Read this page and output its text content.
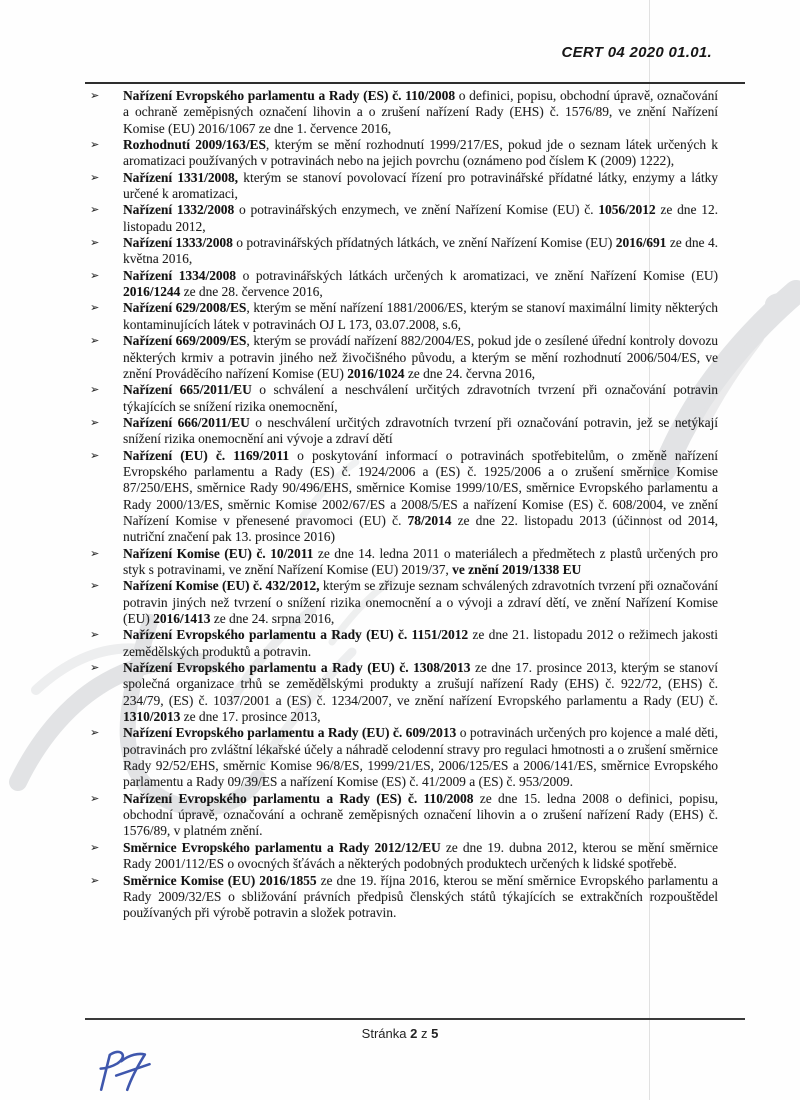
CERT 04 2020 01.01.
➢ Nařízení Evropského parlamentu a Rady (ES) č. 110/2008 o definici, popisu, obchodní úpravě, označování a ochraně zeměpisných označení lihovin a o zrušení nařízení Rady (EHS) č. 1576/89, ve znění Nařízení Komise (EU) 2016/1067 ze dne 1. července 2016,
➢ Rozhodnutí 2009/163/ES, kterým se mění rozhodnutí 1999/217/ES, pokud jde o seznam látek určených k aromatizaci používaných v potravinách nebo na jejich povrchu (oznámeno pod číslem K (2009) 1222),
➢ Nařízení 1331/2008, kterým se stanoví povolovací řízení pro potravinářské přídatné látky, enzymy a látky určené k aromatizaci,
➢ Nařízení 1332/2008 o potravinářských enzymech, ve znění Nařízení Komise (EU) č. 1056/2012 ze dne 12. listopadu 2012,
➢ Nařízení 1333/2008 o potravinářských přídatných látkách, ve znění Nařízení Komise (EU) 2016/691 ze dne 4. května 2016,
➢ Nařízení 1334/2008 o potravinářských látkách určených k aromatizaci, ve znění Nařízení Komise (EU) 2016/1244 ze dne 28. července 2016,
➢ Nařízení 629/2008/ES, kterým se mění nařízení 1881/2006/ES, kterým se stanoví maximální limity některých kontaminujících látek v potravinách OJ L 173, 03.07.2008, s.6,
➢ Nařízení 669/2009/ES, kterým se provádí nařízení 882/2004/ES, pokud jde o zesílené úřední kontroly dovozu některých krmiv a potravin jiného než živočišného původu, a kterým se mění rozhodnutí 2006/504/ES, ve znění Prováděcího nařízení Komise (EU) 2016/1024 ze dne 24. června 2016,
➢ Nařízení 665/2011/EU o schválení a neschválení určitých zdravotních tvrzení při označování potravin týkajících se snížení rizika onemocnění,
➢ Nařízení 666/2011/EU o neschválení určitých zdravotních tvrzení při označování potravin, jež se netýkají snížení rizika onemocnění ani vývoje a zdraví dětí
➢ Nařízení (EU) č. 1169/2011 o poskytování informací o potravinách spotřebitelům, o změně nařízení Evropského parlamentu a Rady (ES) č. 1924/2006 a (ES) č. 1925/2006 a o zrušení směrnice Komise 87/250/EHS, směrnice Rady 90/496/EHS, směrnice Komise 1999/10/ES, směrnice Evropského parlamentu a Rady 2000/13/ES, směrnic Komise 2002/67/ES a 2008/5/ES a nařízení Komise (ES) č. 608/2004, ve znění Nařízení Komise v přenesené pravomoci (EU) č. 78/2014 ze dne 22. listopadu 2013 (účinnost od 2014, nutriční značení pak 13. prosince 2016)
➢ Nařízení Komise (EU) č. 10/2011 ze dne 14. ledna 2011 o materiálech a předmětech z plastů určených pro styk s potravinami, ve znění Nařízení Komise (EU) 2019/37, ve znění 2019/1338 EU
➢ Nařízení Komise (EU) č. 432/2012, kterým se zřizuje seznam schválených zdravotních tvrzení při označování potravin jiných než tvrzení o snížení rizika onemocnění a o vývoji a zdraví dětí, ve znění Nařízení Komise (EU) 2016/1413 ze dne 24. srpna 2016,
➢ Nařízení Evropského parlamentu a Rady (EU) č. 1151/2012 ze dne 21. listopadu 2012 o režimech jakosti zemědělských produktů a potravin.
➢ Nařízení Evropského parlamentu a Rady (EU) č. 1308/2013 ze dne 17. prosince 2013, kterým se stanoví společná organizace trhů se zemědělskými produkty a zrušují nařízení Rady (EHS) č. 922/72, (EHS) č. 234/79, (ES) č. 1037/2001 a (ES) č. 1234/2007, ve znění nařízení Evropského parlamentu a Rady (EU) č. 1310/2013 ze dne 17. prosince 2013,
➢ Nařízení Evropského parlamentu a Rady (EU) č. 609/2013 o potravinách určených pro kojence a malé děti, potravinách pro zvláštní lékařské účely a náhradě celodenní stravy pro regulaci hmotnosti a o zrušení směrnice Rady 92/52/EHS, směrnic Komise 96/8/ES, 1999/21/ES, 2006/125/ES a 2006/141/ES, směrnice Evropského parlamentu a Rady 09/39/ES a nařízení Komise (ES) č. 41/2009 a (ES) č. 953/2009.
➢ Nařízení Evropského parlamentu a Rady (ES) č. 110/2008 ze dne 15. ledna 2008 o definici, popisu, obchodní úpravě, označování a ochraně zeměpisných označení lihovin a o zrušení nařízení Rady (EHS) č. 1576/89, v platném znění.
➢ Směrnice Evropského parlamentu a Rady 2012/12/EU ze dne 19. dubna 2012, kterou se mění směrnice Rady 2001/112/ES o ovocných šťávách a některých podobných produktech určených k lidské spotřebě.
➢ Směrnice Komise (EU) 2016/1855 ze dne 19. října 2016, kterou se mění směrnice Evropského parlamentu a Rady 2009/32/ES o sbližování právních předpisů členských států týkajících se extrakčních rozpouštědel používaných při výrobě potravin a složek potravin.
Stránka 2 z 5
